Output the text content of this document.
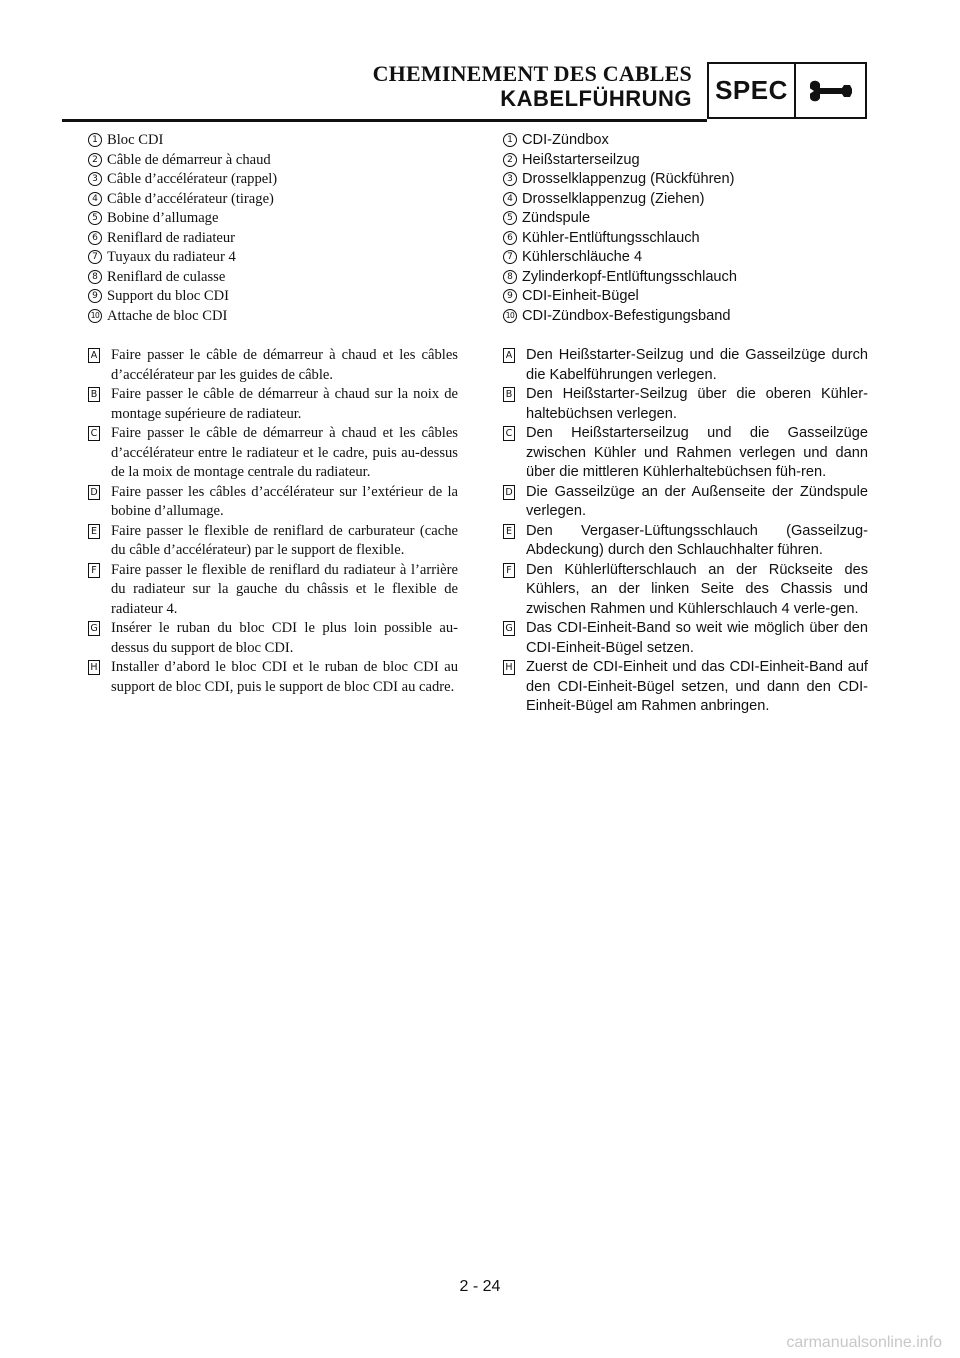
CHEMINEMENT DES CABLES
KABELFÜHRUNG SPEC
1 Bloc CDI
2 Câble de démarreur à chaud
3 Câble d’accélérateur (rappel)
4 Câble d’accélérateur (tirage)
5 Bobine d’allumage
6 Reniflard de radiateur
7 Tuyaux du radiateur 4
8 Reniflard de culasse
9 Support du bloc CDI
10 Attache de bloc CDI
A Faire passer le câble de démarreur à chaud et les câbles d’accélérateur par les guides de câble.
B Faire passer le câble de démarreur à chaud sur la noix de montage supérieure de radiateur.
C Faire passer le câble de démarreur à chaud et les câbles d’accélérateur entre le radiateur et le cadre, puis au-dessus de la moix de montage centrale du radiateur.
D Faire passer les câbles d’accélérateur sur l’extérieur de la bobine d’allumage.
E Faire passer le flexible de reniflard de carburateur (cache du câble d’accélérateur) par le support de flexible.
F Faire passer le flexible de reniflard du radiateur à l’arrière du radiateur sur la gauche du châssis et le flexible de radiateur 4.
G Insérer le ruban du bloc CDI le plus loin possible au-dessus du support de bloc CDI.
H Installer d’abord le bloc CDI et le ruban de bloc CDI au support de bloc CDI, puis le support de bloc CDI au cadre.
1 CDI-Zündbox
2 Heißstarterseilzug
3 Drosselklappenzug (Rückführen)
4 Drosselklappenzug (Ziehen)
5 Zündspule
6 Kühler-Entlüftungsschlauch
7 Kühlerschläuche 4
8 Zylinderkopf-Entlüftungsschlauch
9 CDI-Einheit-Bügel
10 CDI-Zündbox-Befestigungsband
A Den Heißstarter-Seilzug und die Gasseilzüge durch die Kabelführungen verlegen.
B Den Heißstarter-Seilzug über die oberen Kühler-haltebüchsen verlegen.
C Den Heißstarterseilzug und die Gasseilzüge zwischen Kühler und Rahmen verlegen und dann über die mittleren Kühlerhaltebüchsen füh-ren.
D Die Gasseilzüge an der Außenseite der Zündspule verlegen.
E Den Vergaser-Lüftungsschlauch (Gasseilzug-Abdeckung) durch den Schlauchhalter führen.
F Den Kühlerlüfterschlauch an der Rückseite des Kühlers, an der linken Seite des Chassis und zwischen Rahmen und Kühlerschlauch 4 verle-gen.
G Das CDI-Einheit-Band so weit wie möglich über den CDI-Einheit-Bügel setzen.
H Zuerst de CDI-Einheit und das CDI-Einheit-Band auf den CDI-Einheit-Bügel setzen, und dann den CDI-Einheit-Bügel am Rahmen anbringen.
2 - 24
carmanualsonline.info
